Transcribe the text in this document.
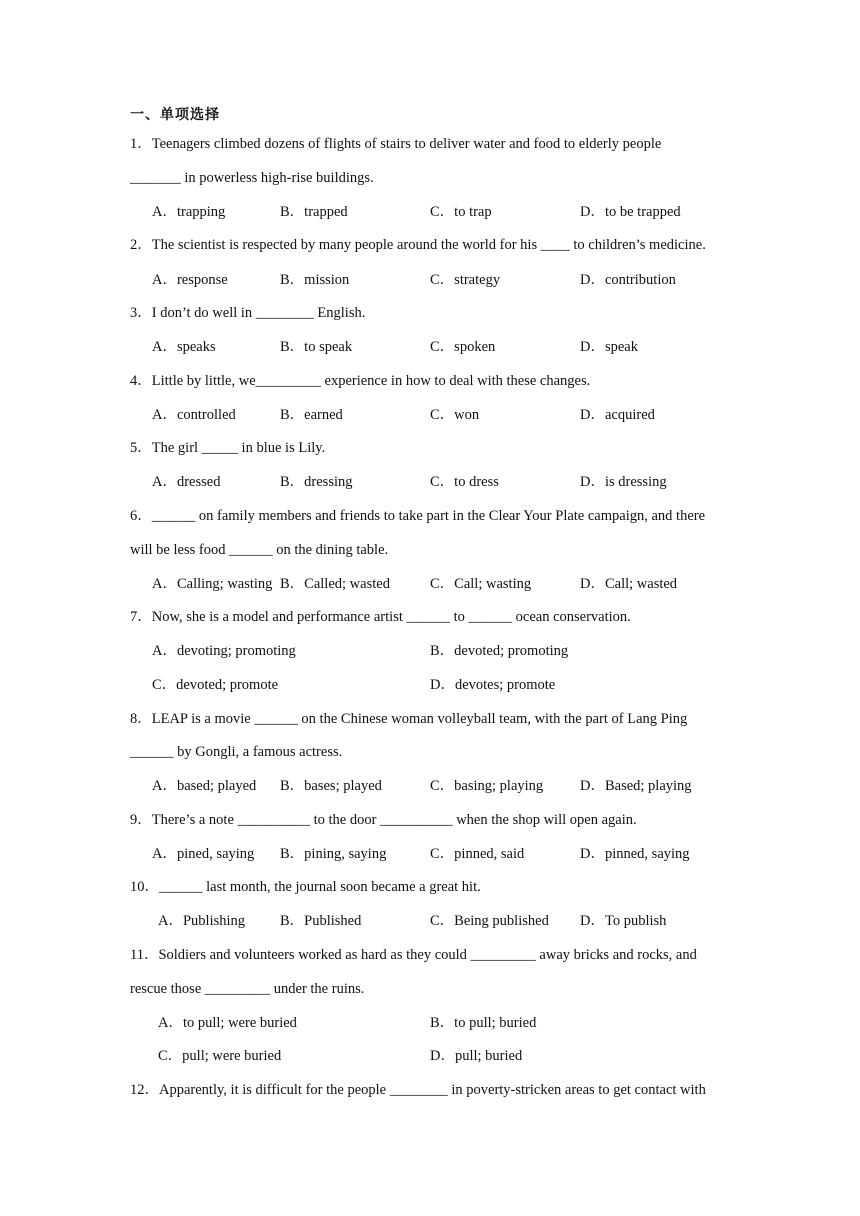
一、单项选择
1．Teenagers climbed dozens of flights of stairs to deliver water and food to elderly people
_______ in powerless high-rise buildings.
A．trapping	B．trapped	C．to trap	D．to be trapped
2．The scientist is respected by many people around the world for his ____ to children’s medicine.
A．response	B．mission	C．strategy	D．contribution
3．I don’t do well in ________ English.
A．speaks	B．to speak	C．spoken	D．speak
4．Little by little, we_________ experience in how to deal with these changes.
A．controlled	B．earned	C．won	D．acquired
5．The girl _____ in blue is Lily.
A．dressed	B．dressing	C．to dress	D．is dressing
6．______ on family members and friends to take part in the Clear Your Plate campaign, and there
will be less food ______ on the dining table.
A．Calling; wasting B．Called; wasted	C．Call; wasting	D．Call; wasted
7．Now, she is a model and performance artist ______ to ______ ocean conservation.
A．devoting; promoting	B．devoted; promoting
C．devoted; promote	D．devotes; promote
8．LEAP is a movie ______ on the Chinese woman volleyball team, with the part of Lang Ping
______ by Gongli, a famous actress.
A．based; played B．bases; played	C．basing; playing	D．Based; playing
9．There’s a note __________ to the door __________ when the shop will open again.
A．pined, saying B．pining, saying	C．pinned, said	D．pinned, saying
10．______ last month, the journal soon became a great hit.
A．Publishing B．Published	C．Being published D．To publish
11．Soldiers and volunteers worked as hard as they could _________ away bricks and rocks, and
rescue those _________ under the ruins.
A．to pull; were buried	B．to pull; buried
C．pull; were buried	D．pull; buried
12．Apparently, it is difficult for the people ________ in poverty-stricken areas to get contact with
